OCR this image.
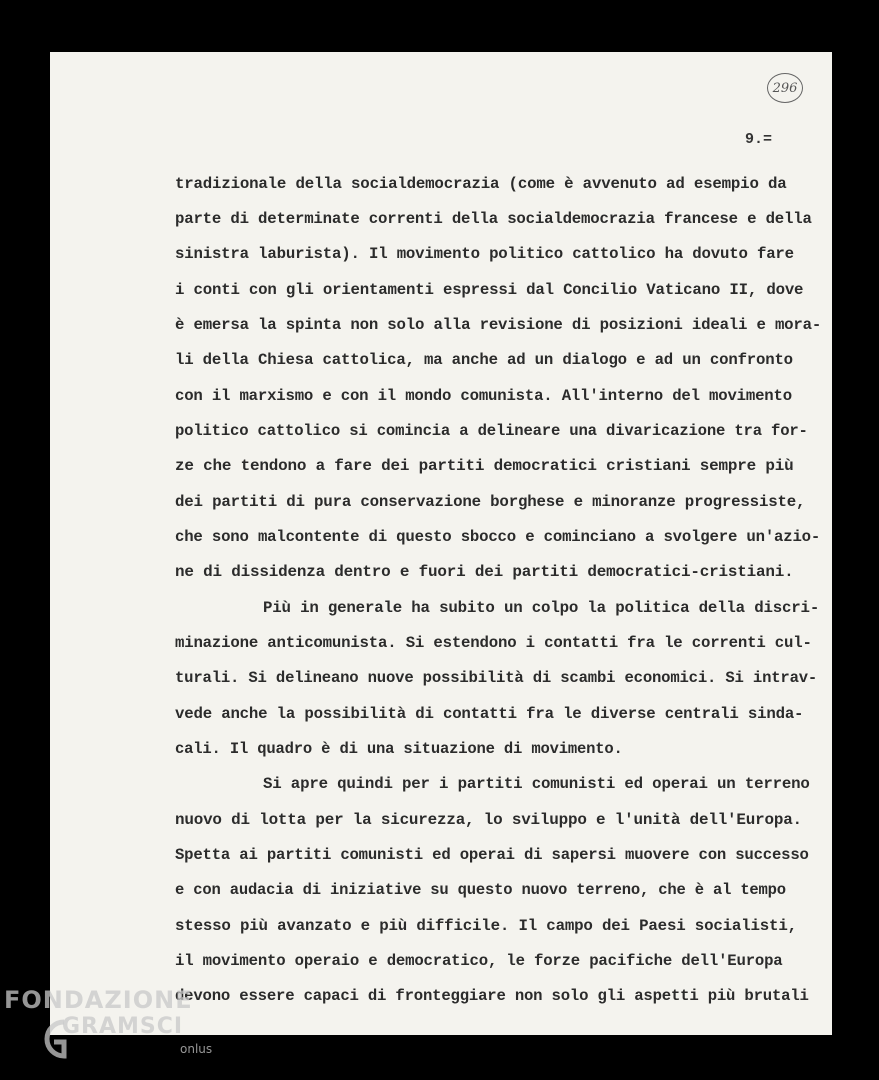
296
9.=
tradizionale della socialdemocrazia (come è avvenuto ad esempio da
parte di determinate correnti della socialdemocrazia francese e della
sinistra laburista). Il movimento politico cattolico ha dovuto fare
i conti con gli orientamenti espressi dal Concilio Vaticano II, dove
è emersa la spinta non solo alla revisione di posizioni ideali e mora-
li della Chiesa cattolica, ma anche ad un dialogo e ad un confronto
con il marxismo e con il mondo comunista. All'interno del movimento
politico cattolico si comincia a delineare una divaricazione tra for-
ze che tendono a fare dei partiti democratici cristiani sempre più
dei partiti di pura conservazione borghese e minoranze progressiste,
che sono malcontente di questo sbocco e cominciano a svolgere un'azio-
ne di dissidenza dentro e fuori dei partiti democratici-cristiani.
Più in generale ha subito un colpo la politica della discri-
minazione anticomunista. Si estendono i contatti fra le correnti cul-
turali. Si delineano nuove possibilità di scambi economici. Si intrav-
vede anche la possibilità di contatti fra le diverse centrali sinda-
cali. Il quadro è di una situazione di movimento.
Si apre quindi per i partiti comunisti ed operai un terreno
nuovo di lotta per la sicurezza, lo sviluppo e l'unità dell'Europa.
Spetta ai partiti comunisti ed operai di sapersi muovere con successo
e con audacia di iniziative su questo nuovo terreno, che è al tempo
stesso più avanzato e più difficile. Il campo dei Paesi socialisti,
il movimento operaio e democratico, le forze pacifiche dell'Europa
devono essere capaci di fronteggiare non solo gli aspetti più brutali
FONDAZIONE
GRAMSCI
onlus
